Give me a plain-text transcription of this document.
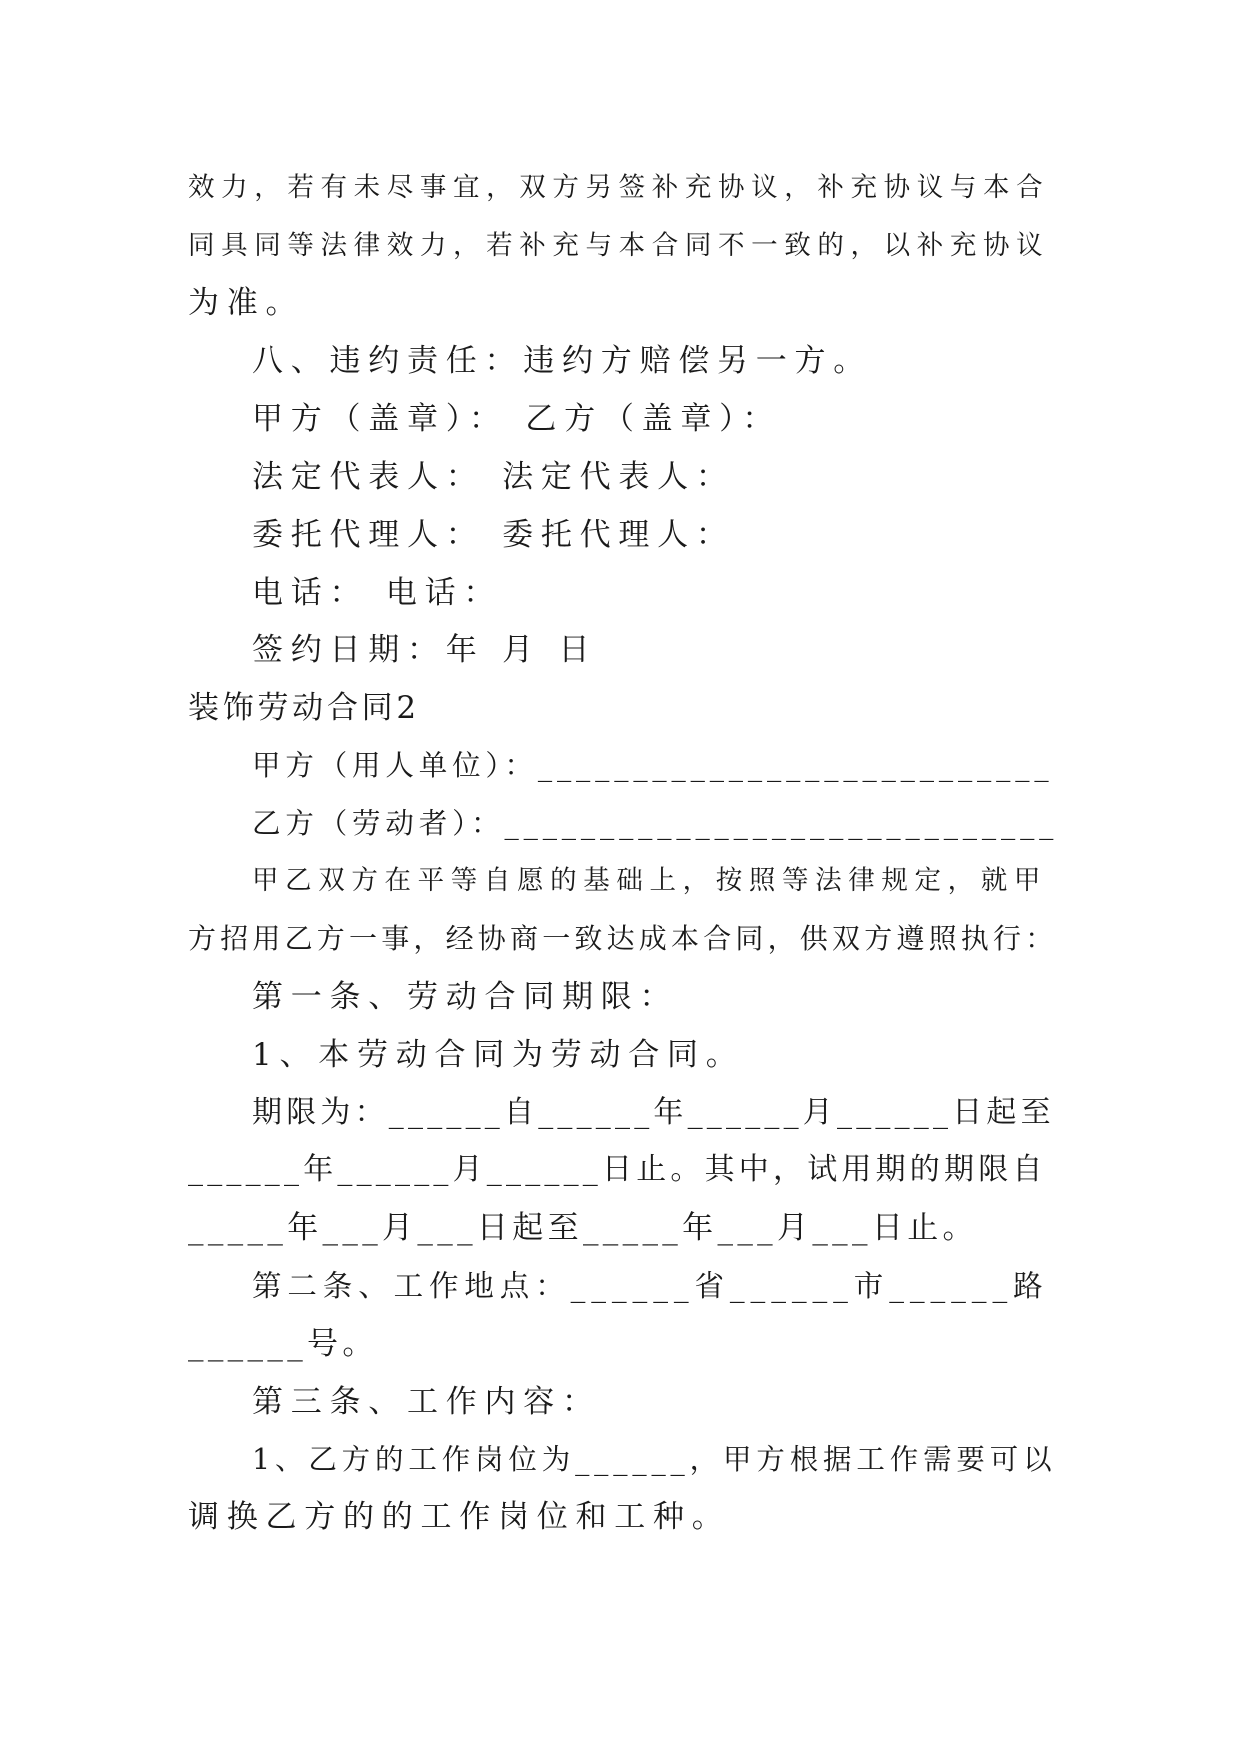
效力，若有未尽事宜，双方另签补充协议，补充协议与本合
同具同等法律效力，若补充与本合同不一致的，以补充协议
为准。
八、违约责任：违约方赔偿另一方。
甲方（盖章）： 乙方（盖章）：
法定代表人： 法定代表人：
委托代理人： 委托代理人：
电话： 电话：
签约日期：年 月 日
装饰劳动合同2
甲方（用人单位）：___________________________
乙方（劳动者）：_____________________________
甲乙双方在平等自愿的基础上，按照等法律规定，就甲
方招用乙方一事，经协商一致达成本合同，供双方遵照执行：
第一条、劳动合同期限：
1、本劳动合同为劳动合同。
期限为：______自______年______月______日起至
______年______月______日止。其中，试用期的期限自
_____年___月___日起至_____年___月___日止。
第二条、工作地点：______省______市______路
______号。
第三条、工作内容：
1、乙方的工作岗位为______，甲方根据工作需要可以
调换乙方的的工作岗位和工种。
